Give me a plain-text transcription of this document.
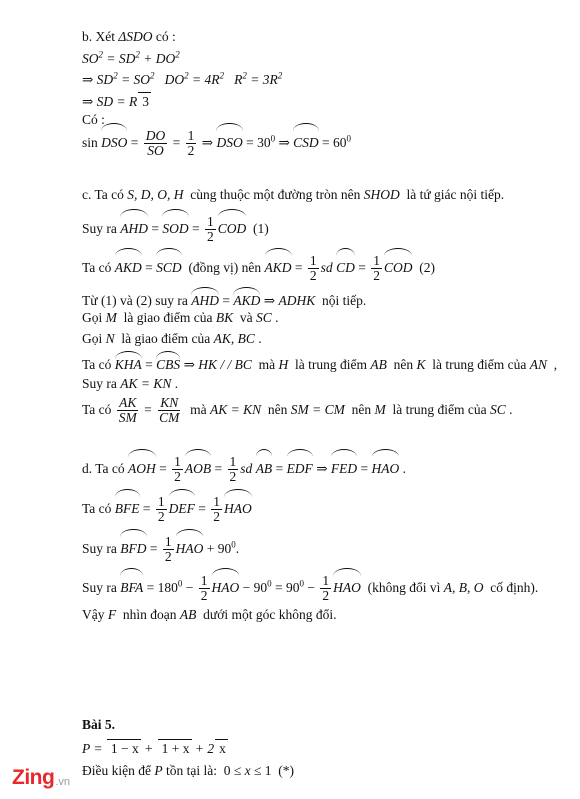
b. Xét ΔSDO có :
$SO^2 = SD^2 + DO^2$
⇒ $SD^2 = SO^2$   $DO^2 = 4R^2$   $R^2 = 3R^2$
⇒ SD = R 3
Có :
sin DSO = $\frac{DO}{SO} = \frac{1}{2}$ ⇒ DSO = $30^0$ ⇒ CSD = $60^0$
c. Ta có S, D, O, H  cùng thuộc một đường tròn nên SHOD  là tứ giác nội tiếp.
Suy ra AHD = SOD = $\frac{1}{2}$ COD  (1)
Ta có AKD = SCD  (đồng vị) nên AKD = $\frac{1}{2}$ sd CD = $\frac{1}{2}$ COD  (2)
Từ (1) và (2) suy ra AHD = AKD ⇒ ADHK  nội tiếp.
Gọi M  là giao điểm của BK  và SC .
Gọi N  là giao điểm của AK, BC .
Ta có KHA = CBS ⇒ HK / / BC  mà H  là trung điểm AB  nên K  là trung điểm của AN  ,
Suy ra AK = KN .
Ta có $\frac{AK}{SM} = \frac{KN}{CM}$ mà AK = KN  nên SM = CM  nên M  là trung điểm của SC .
d. Ta có AOH = $\frac{1}{2}$ AOB = $\frac{1}{2}$ sd AB = EDF ⇒ FED = HAO .
Ta có BFE = $\frac{1}{2}$ DEF = $\frac{1}{2}$ HAO
Suy ra BFD = $\frac{1}{2}$ HAO + $90^0$.
Suy ra BFA = $180^0 - \frac{1}{2}$ HAO − $90^0 = 90^0 - \frac{1}{2}$ HAO  (không đổi vì A, B, O  cố định).
Vậy F  nhìn đoạn AB  dưới một góc không đổi.
Bài 5.
P = 1 − x + 1 + x + 2 x
Điều kiện để P tồn tại là:  0 ≤ x ≤ 1  (*)
Zing .vn
